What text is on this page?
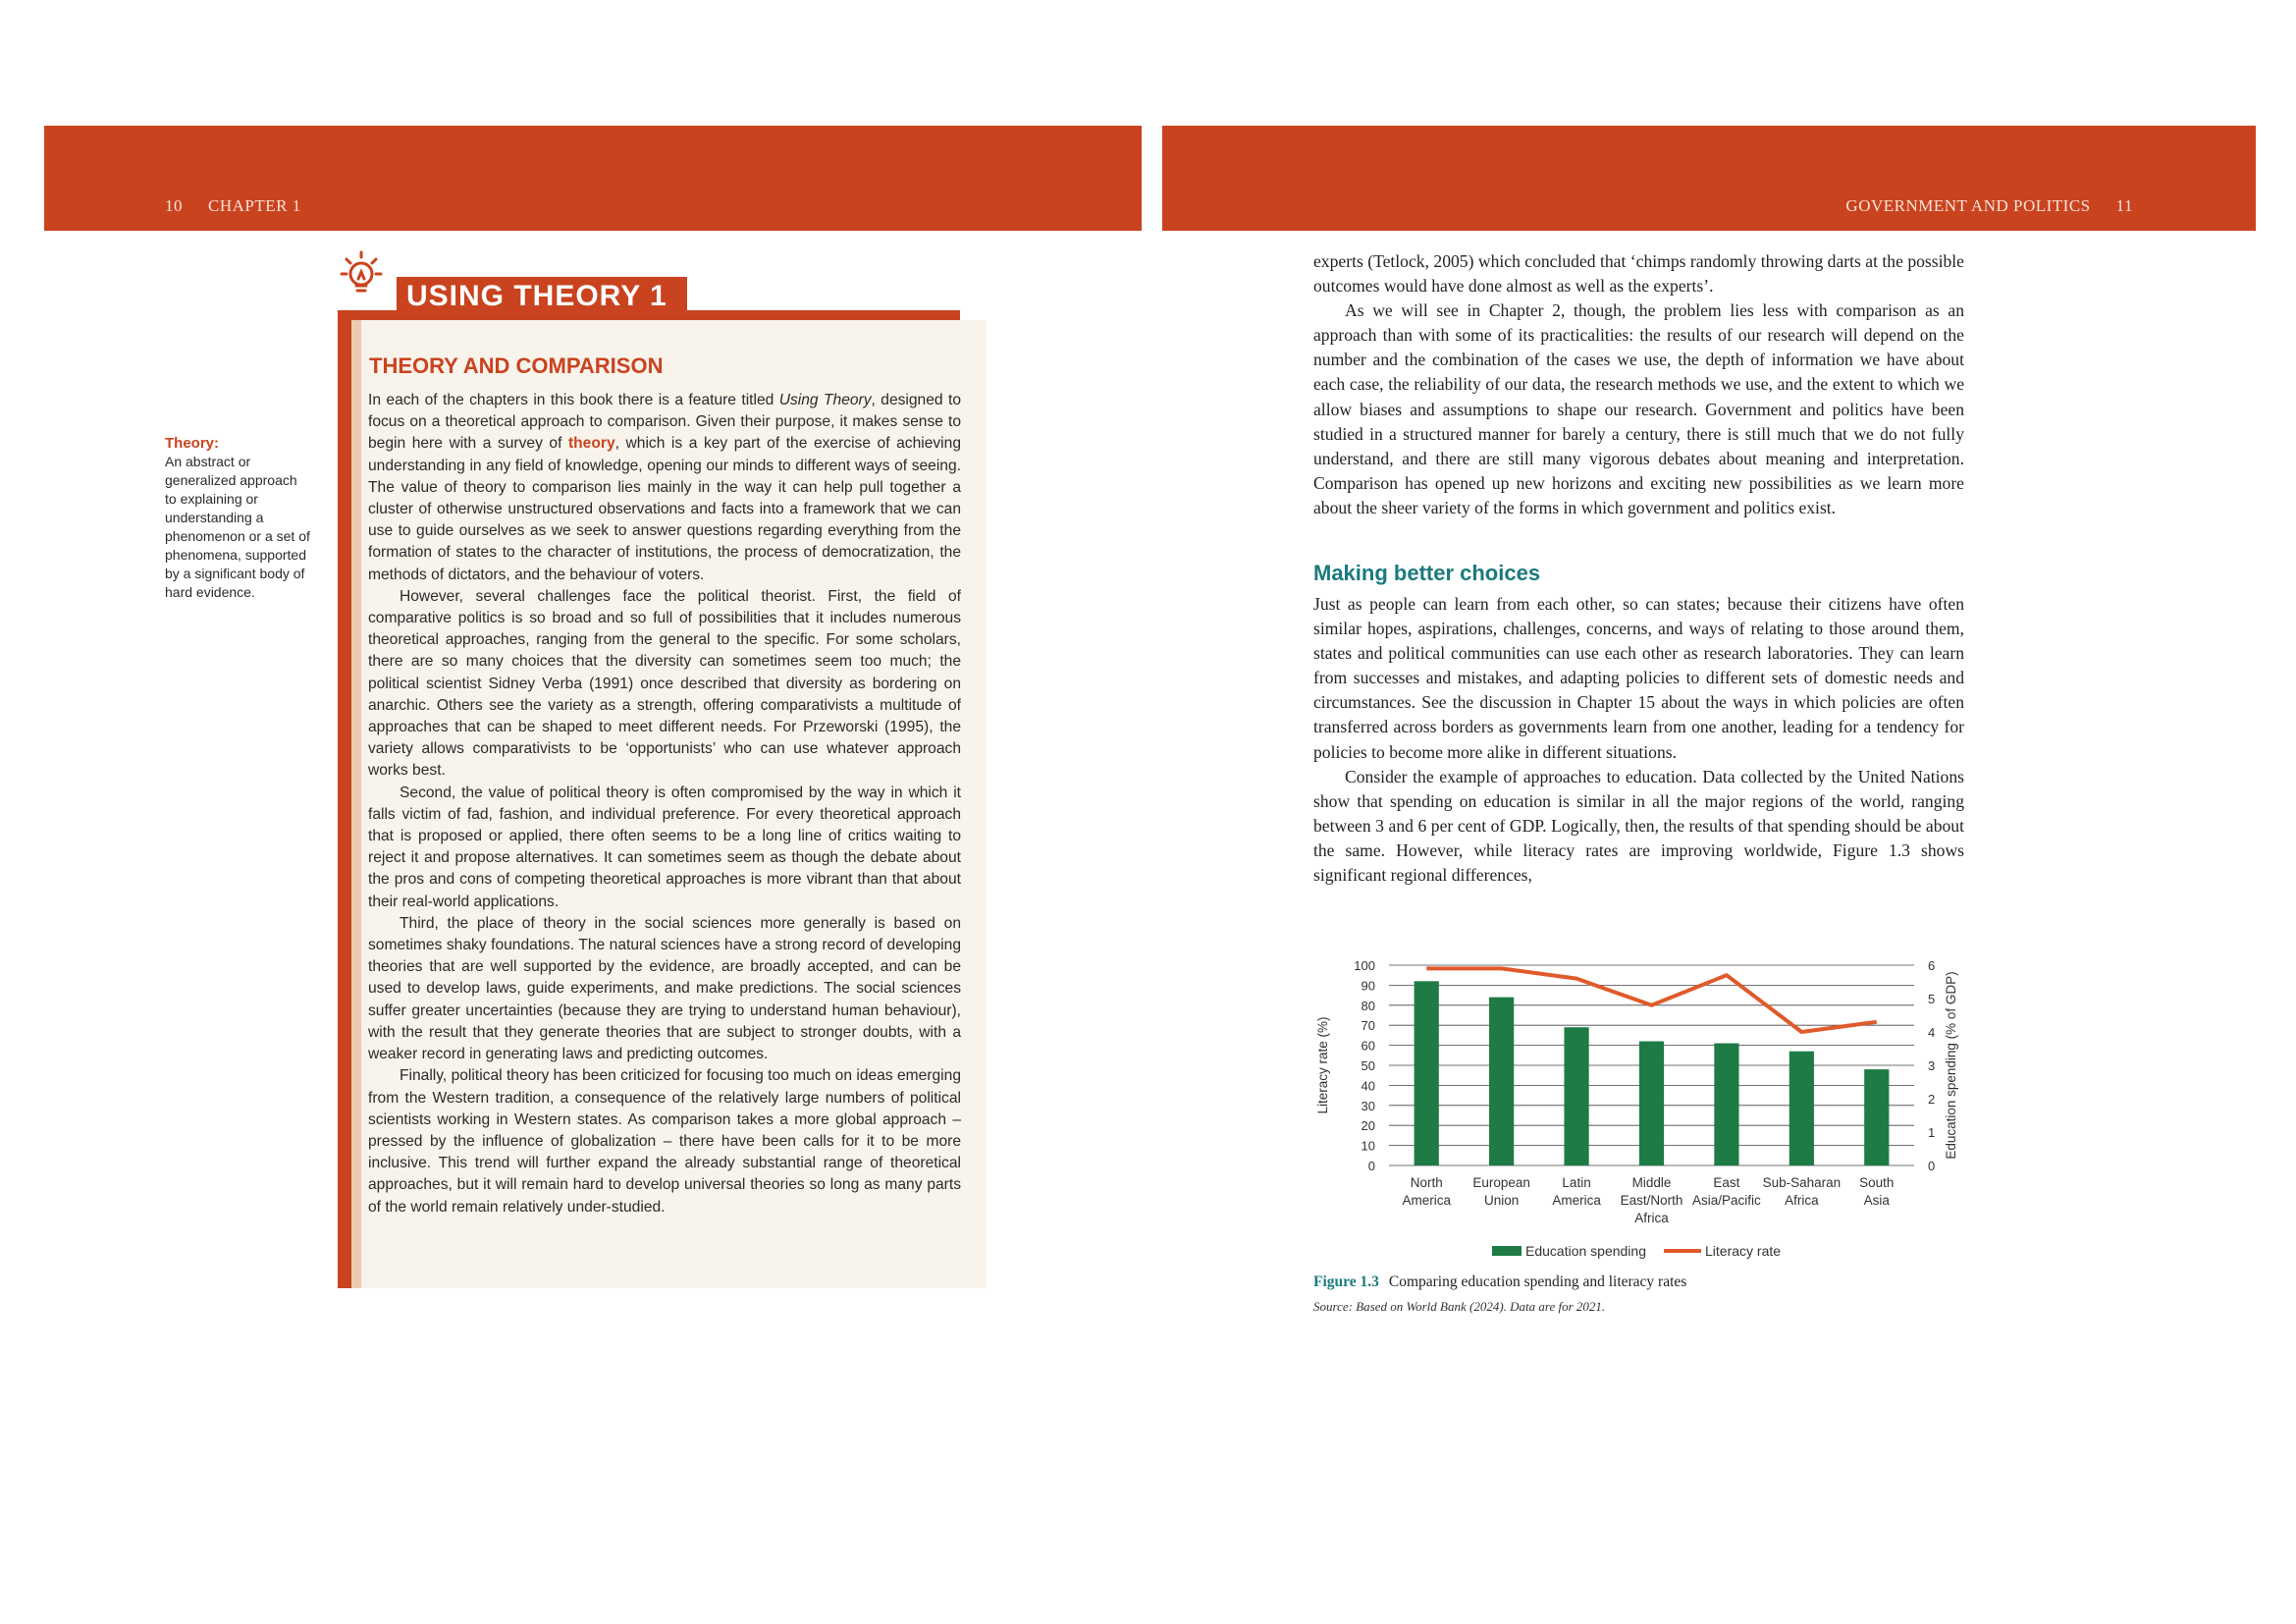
10 CHAPTER 1	GOVERNMENT AND POLITICS 11
USING THEORY 1
THEORY AND COMPARISON

In each of the chapters in this book there is a feature titled Using Theory, designed to focus on a theoretical approach to comparison. Given their purpose, it makes sense to begin here with a survey of theory, which is a key part of the exercise of achieving understanding in any field of knowledge, opening our minds to different ways of seeing. The value of theory to comparison lies mainly in the way it can help pull together a cluster of otherwise unstructured observations and facts into a framework that we can use to guide ourselves as we seek to answer questions regarding everything from the formation of states to the character of institutions, the process of democratization, the methods of dictators, and the behaviour of voters.

However, several challenges face the political theorist. First, the field of comparative politics is so broad and so full of possibilities that it includes numerous theoretical approaches, ranging from the general to the specific. For some scholars, there are so many choices that the diversity can sometimes seem too much; the political scientist Sidney Verba (1991) once described that diversity as bordering on anarchic. Others see the variety as a strength, offering comparativists a multitude of approaches that can be shaped to meet different needs. For Przeworski (1995), the variety allows comparativists to be ‘opportunists’ who can use whatever approach works best.

Second, the value of political theory is often compromised by the way in which it falls victim of fad, fashion, and individual preference. For every theoretical approach that is proposed or applied, there often seems to be a long line of critics waiting to reject it and propose alternatives. It can sometimes seem as though the debate about the pros and cons of competing theoretical approaches is more vibrant than that about their real-world applications.

Third, the place of theory in the social sciences more generally is based on sometimes shaky foundations. The natural sciences have a strong record of developing theories that are well supported by the evidence, are broadly accepted, and can be used to develop laws, guide experiments, and make predictions. The social sciences suffer greater uncertainties (because they are trying to understand human behaviour), with the result that they generate theories that are subject to stronger doubts, with a weaker record in generating laws and predicting outcomes.

Finally, political theory has been criticized for focusing too much on ideas emerging from the Western tradition, a consequence of the relatively large numbers of political scientists working in Western states. As comparison takes a more global approach – pressed by the influence of globalization – there have been calls for it to be more inclusive. This trend will further expand the already substantial range of theoretical approaches, but it will remain hard to develop universal theories so long as many parts of the world remain relatively under-studied.

Theory:
An abstract or generalized approach to explaining or understanding a phenomenon or a set of phenomena, supported by a significant body of hard evidence.

experts (Tetlock, 2005) which concluded that ‘chimps randomly throwing darts at the possible outcomes would have done almost as well as the experts’.

As we will see in Chapter 2, though, the problem lies less with comparison as an approach than with some of its practicalities: the results of our research will depend on the number and the combination of the cases we use, the depth of information we have about each case, the reliability of our data, the research methods we use, and the extent to which we allow biases and assumptions to shape our research. Government and politics have been studied in a structured manner for barely a century, there is still much that we do not fully understand, and there are still many vigorous debates about meaning and interpretation. Comparison has opened up new horizons and exciting new possibilities as we learn more about the sheer variety of the forms in which government and politics exist.

Making better choices

Just as people can learn from each other, so can states; because their citizens have often similar hopes, aspirations, challenges, concerns, and ways of relating to those around them, states and political communities can use each other as research laboratories. They can learn from successes and mistakes, and adapting policies to different sets of domestic needs and circumstances. See the discussion in Chapter 15 about the ways in which policies are often transferred across borders as governments learn from one another, leading for a tendency for policies to become more alike in different situations.

Consider the example of approaches to education. Data collected by the United Nations show that spending on education is similar in all the major regions of the world, ranging between 3 and 6 per cent of GDP. Logically, then, the results of that spending should be about the same. However, while literacy rates are improving worldwide, Figure 1.3 shows significant regional differences,

0
10
20
30
40
50
60
70
80
90
100
0
1
2
3
4
5
6
North
America
European
Union
Latin
America
Middle
East/North
Africa
East
Asia/Pacific
Sub-Saharan
Africa
South
Asia
Literacy rate (%)	Education spending (% of GDP)
Education spending	Literacy rate
Figure 1.3 Comparing education spending and literacy rates
Source: Based on World Bank (2024). Data are for 2021.
